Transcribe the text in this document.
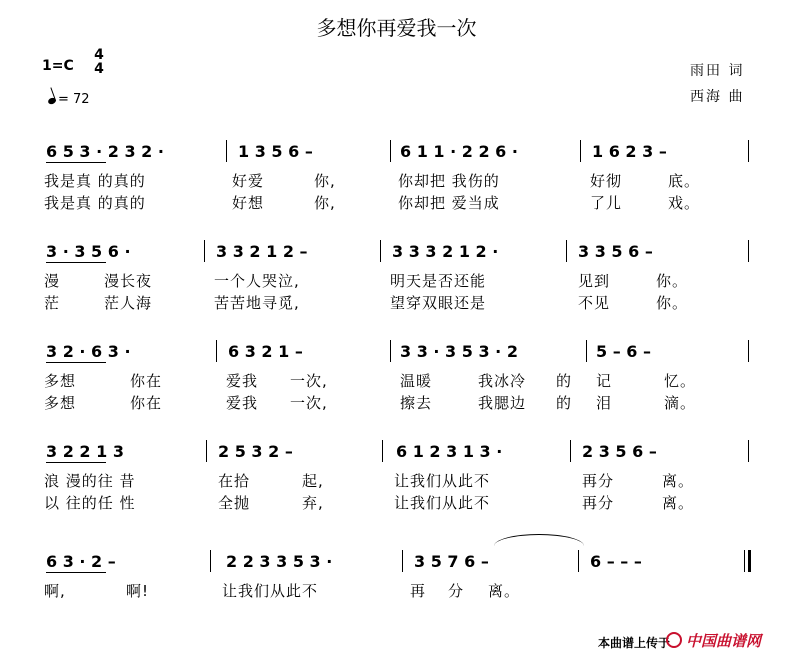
多想你再爱我一次
1=C
4
4
= 72
雨田 词
西海 曲
6 5 3 · 2 3 2 ·	1 3 5 6 –	6 1 1 · 2 2 6 ·	1 6 2 3 –
我是真 的真的	好爱	你,	你却把 我伤的	好彻	底。
我是真 的真的	好想	你,	你却把 爱当成	了儿	戏。
3 · 3 5 6 ·	3 3 2 1 2 –	3 3 3 2 1 2 ·	3 3 5 6 –
漫	漫长夜	一个人哭泣,	明天是否还能	见到	你。
茫	茫人海	苦苦地寻觅,	望穿双眼还是	不见	你。
3 2 · 6 3 ·	6 3 2 1 –	3 3 · 3 5 3 · 2	5 – 6 –
多想	你在	爱我 一次,	温暖	我冰冷 的 记	忆。
多想	你在	爱我 一次,	擦去	我腮边 的 泪	滴。
3 2 2 1 3	2 5 3 2 –	6 1 2 3 1 3 ·	2 3 5 6 –
浪 漫的往 昔	在拾	起,	让我们从此不	再分	离。
以 往的任 性	全抛	弃,	让我们从此不	再分	离。
6 3 · 2 –	2 2 3 3 5 3 ·	3 5 7 6 –	6 – – –
啊,	啊!	让我们从此不	再 分 离。
本曲谱上传于 中国曲谱网
